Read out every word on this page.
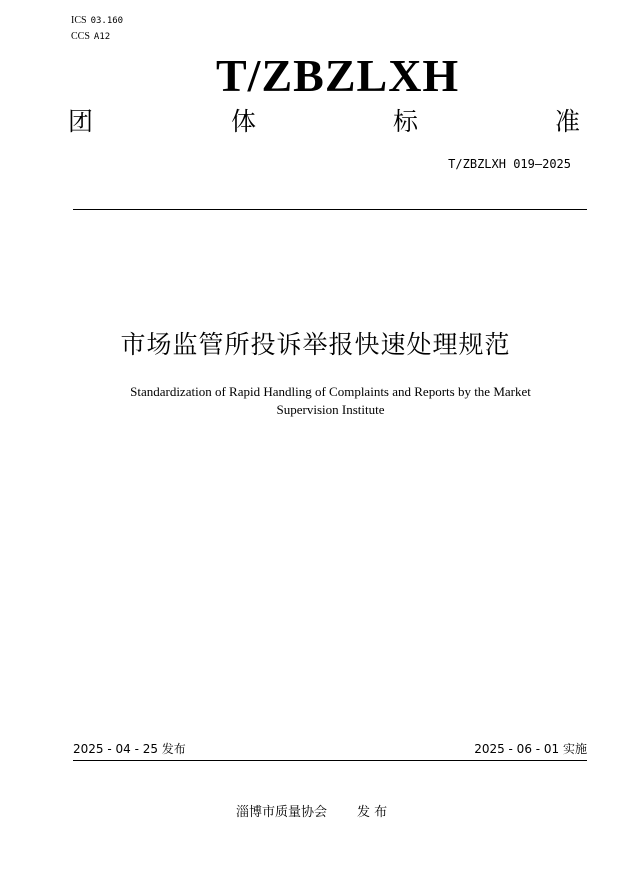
ICS 03.160
CCS A12
T/ZBZLXH
团	体	标	准
T/ZBZLXH 019—2025
市场监管所投诉举报快速处理规范
Standardization of Rapid Handling of Complaints and Reports by the Market
Supervision Institute
2025 - 04 - 25 发布	2025 - 06 - 01 实施
淄博市质量协会 发 布
